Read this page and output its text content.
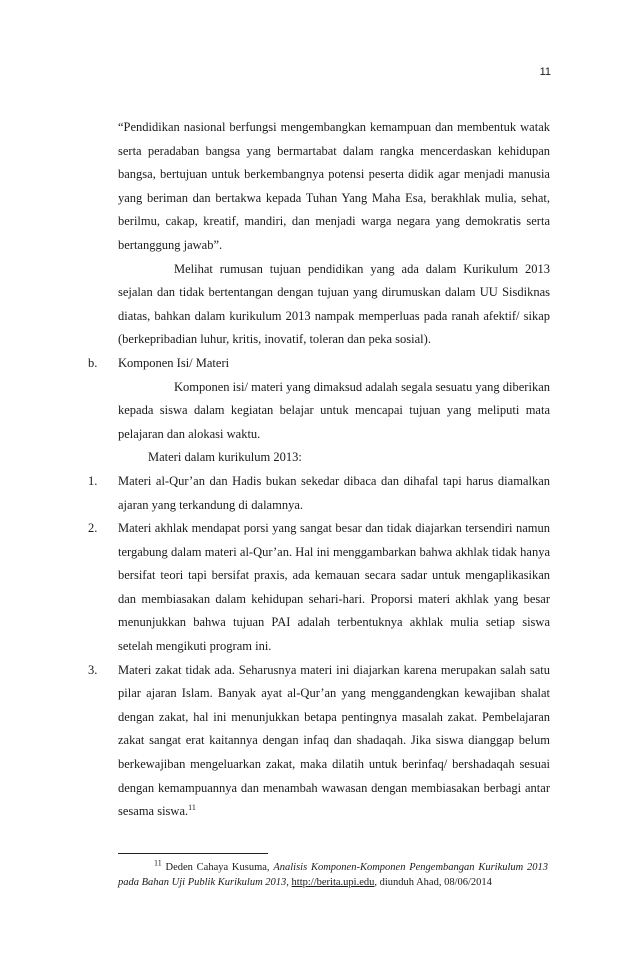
11

“Pendidikan nasional berfungsi mengembangkan kemampuan dan membentuk watak serta peradaban bangsa yang bermartabat dalam rangka mencerdaskan kehidupan bangsa, bertujuan untuk berkembangnya potensi peserta didik agar menjadi manusia yang beriman dan bertakwa kepada Tuhan Yang Maha Esa, berakhlak mulia, sehat, berilmu, cakap, kreatif, mandiri, dan menjadi warga negara yang demokratis serta bertanggung jawab”.

Melihat rumusan tujuan pendidikan yang ada dalam Kurikulum 2013 sejalan dan tidak bertentangan dengan tujuan yang dirumuskan dalam UU Sisdiknas diatas, bahkan dalam kurikulum 2013 nampak memperluas pada ranah afektif/ sikap (berkepribadian luhur, kritis, inovatif, toleran dan peka sosial).

b. Komponen Isi/ Materi

Komponen isi/ materi yang dimaksud adalah segala sesuatu yang diberikan kepada siswa dalam kegiatan belajar untuk mencapai tujuan yang meliputi mata pelajaran dan alokasi waktu.

Materi dalam kurikulum 2013:

1. Materi al-Qur’an dan Hadis bukan sekedar dibaca dan dihafal tapi harus diamalkan ajaran yang terkandung di dalamnya.

2. Materi akhlak mendapat porsi yang sangat besar dan tidak diajarkan tersendiri namun tergabung dalam materi al-Qur’an. Hal ini menggambarkan bahwa akhlak tidak hanya bersifat teori tapi bersifat praxis, ada kemauan secara sadar untuk mengaplikasikan dan membiasakan dalam kehidupan sehari-hari. Proporsi materi akhlak yang besar menunjukkan bahwa tujuan PAI adalah terbentuknya akhlak mulia setiap siswa setelah mengikuti program ini.

3. Materi zakat tidak ada. Seharusnya materi ini diajarkan karena merupakan salah satu pilar ajaran Islam. Banyak ayat al-Qur’an yang menggandengkan kewajiban shalat dengan zakat, hal ini menunjukkan betapa pentingnya masalah zakat. Pembelajaran zakat sangat erat kaitannya dengan infaq dan shadaqah. Jika siswa dianggap belum berkewajiban mengeluarkan zakat, maka dilatih untuk berinfaq/ bershadaqah sesuai dengan kemampuannya dan menambah wawasan dengan membiasakan berbagi antar sesama siswa.$^{11}$

$^{11}$ Deden Cahaya Kusuma, Analisis Komponen-Komponen Pengembangan Kurikulum 2013 pada Bahan Uji Publik Kurikulum 2013, http://berita.upi.edu, diunduh Ahad, 08/06/2014
